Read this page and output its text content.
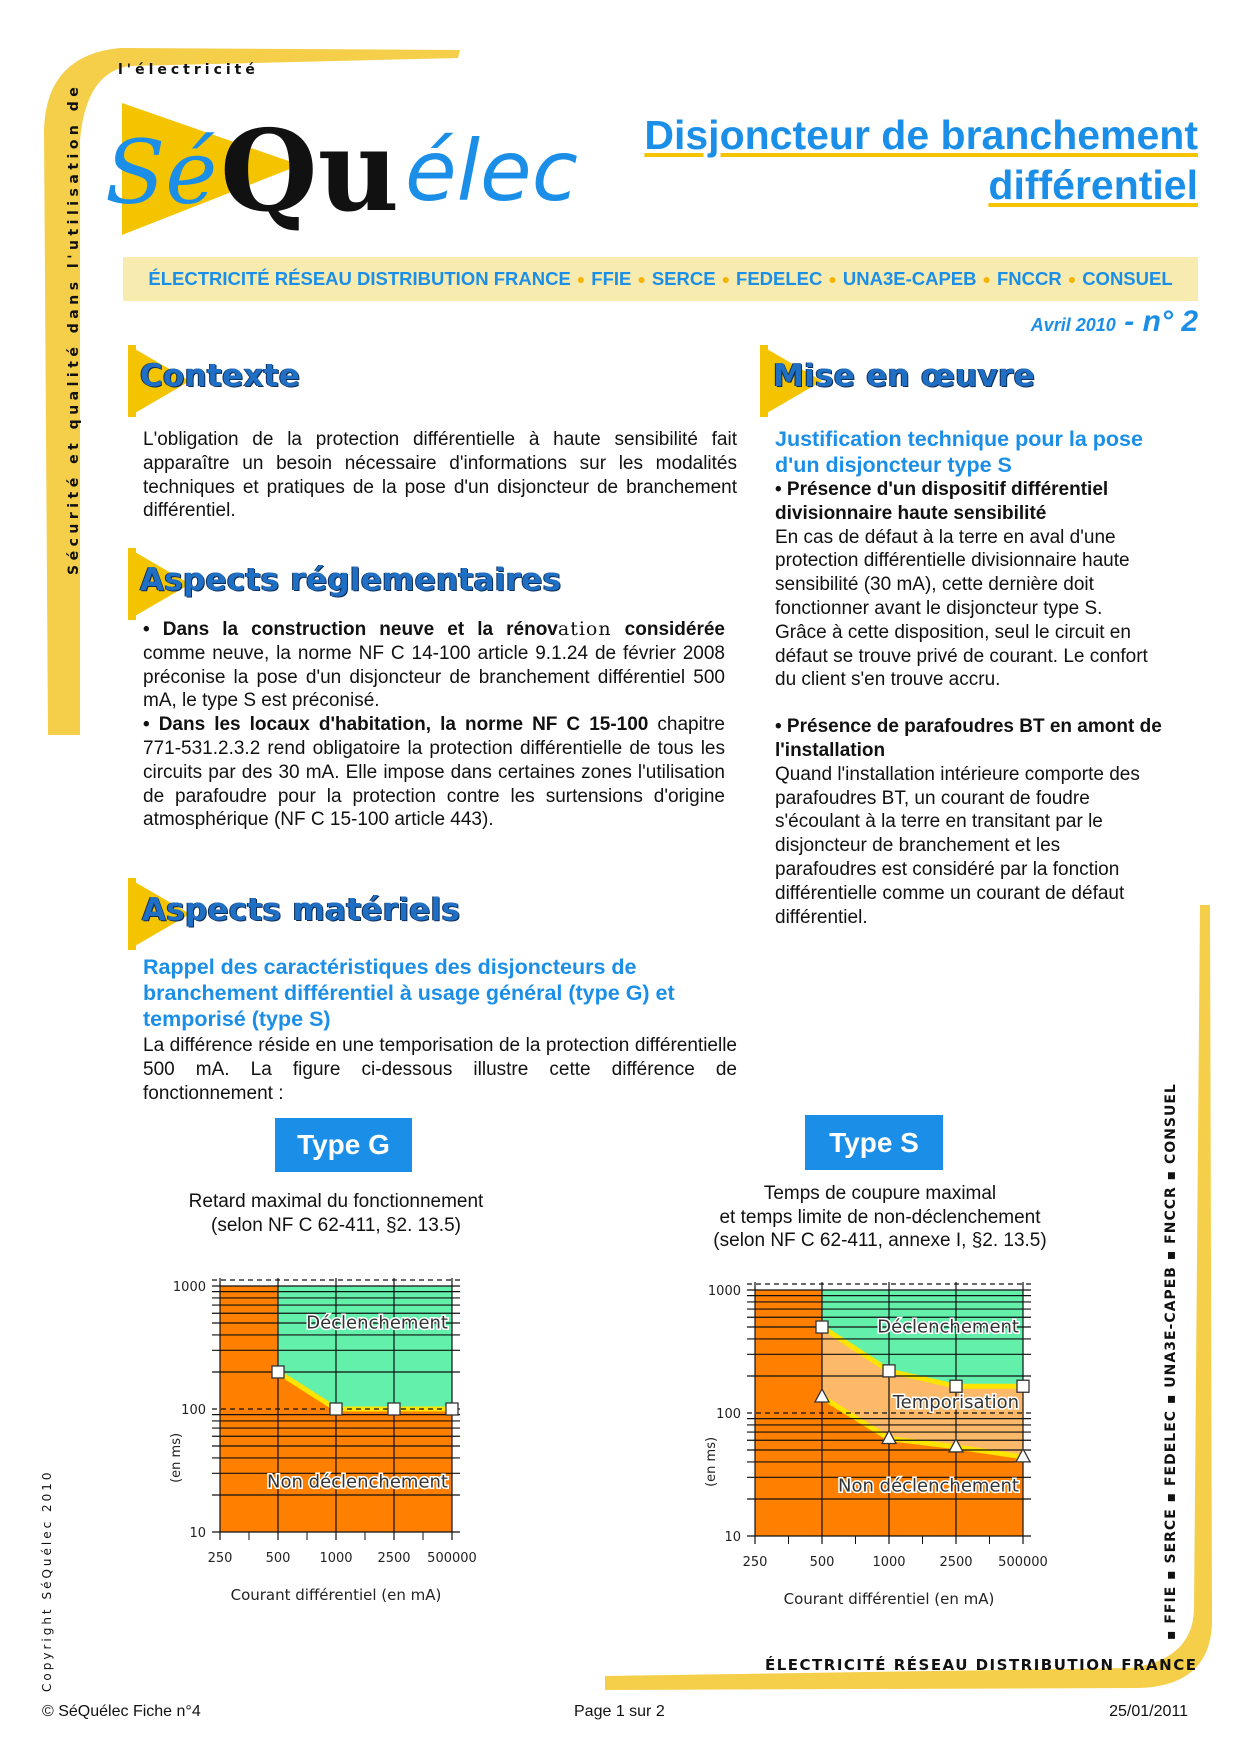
Sé Qu élec
l'électricité
Sécurité et qualité dans l'utilisation de	Disjoncteur de branchement
différentiel
ÉLECTRICITÉ RÉSEAU DISTRIBUTION FRANCE ● FFIE ● SERCE ● FEDELEC ● UNA3E-CAPEB ● FNCCR ● CONSUEL
Avril 2010 - n° 2
Contexte
L'obligation de la protection différentielle à haute sensibilité fait apparaître un besoin nécessaire d'informations sur les modalités techniques et pratiques de la pose d'un disjoncteur de branchement différentiel.
Aspects réglementaires
• Dans la construction neuve et la rénovation considérée comme neuve, la norme NF C 14-100 article 9.1.24 de février 2008 préconise la pose d'un disjoncteur de branchement différentiel 500 mA, le type S est préconisé.
• Dans les locaux d'habitation, la norme NF C 15-100 chapitre 771-531.2.3.2 rend obligatoire la protection différentielle de tous les circuits par des 30 mA. Elle impose dans certaines zones l'utilisation de parafoudre pour la protection contre les surtensions d'origine atmosphérique (NF C 15-100 article 443).
Aspects matériels
Rappel des caractéristiques des disjoncteurs de branchement différentiel à usage général (type G) et temporisé (type S)
La différence réside en une temporisation de la protection différentielle 500 mA. La figure ci-dessous illustre cette différence de fonctionnement :
Mise en œuvre
Justification technique pour la pose d'un disjoncteur type S
• Présence d'un dispositif différentiel divisionnaire haute sensibilité
En cas de défaut à la terre en aval d'une protection différentielle divisionnaire haute sensibilité (30 mA), cette dernière doit fonctionner avant le disjoncteur type S.
Grâce à cette disposition, seul le circuit en défaut se trouve privé de courant. Le confort du client s'en trouve accru.
• Présence de parafoudres BT en amont de l'installation
Quand l'installation intérieure comporte des parafoudres BT, un courant de foudre s'écoulant à la terre en transitant par le disjoncteur de branchement et les parafoudres est considéré par la fonction différentielle comme un courant de défaut différentiel.
Type G	Type S
Retard maximal du fonctionnement
(selon NF C 62-411, §2. 13.5)
Temps de coupure maximal
et temps limite de non-déclenchement
(selon NF C 62-411, annexe I, §2. 13.5)
250	500 1000 2500 500000
10
100
1000
Courant différentiel (en mA)
(en ms)
Déclenchement
Non déclenchement
250	500	1000	2500 500000
10
100
1000
Courant différentiel (en mA)
(en ms)
Déclenchement
Temporisation
Non déclenchement
ÉLECTRICITÉ RÉSEAU DISTRIBUTION FRANCE
▪ FFIE ▪ SERCE ▪ FEDELEC ▪ UNA3E-CAPEB ▪ FNCCR ▪ CONSUEL
Copyright SéQuélec 2010
© SéQuélec Fiche n°4	Page 1 sur 2	25/01/2011
